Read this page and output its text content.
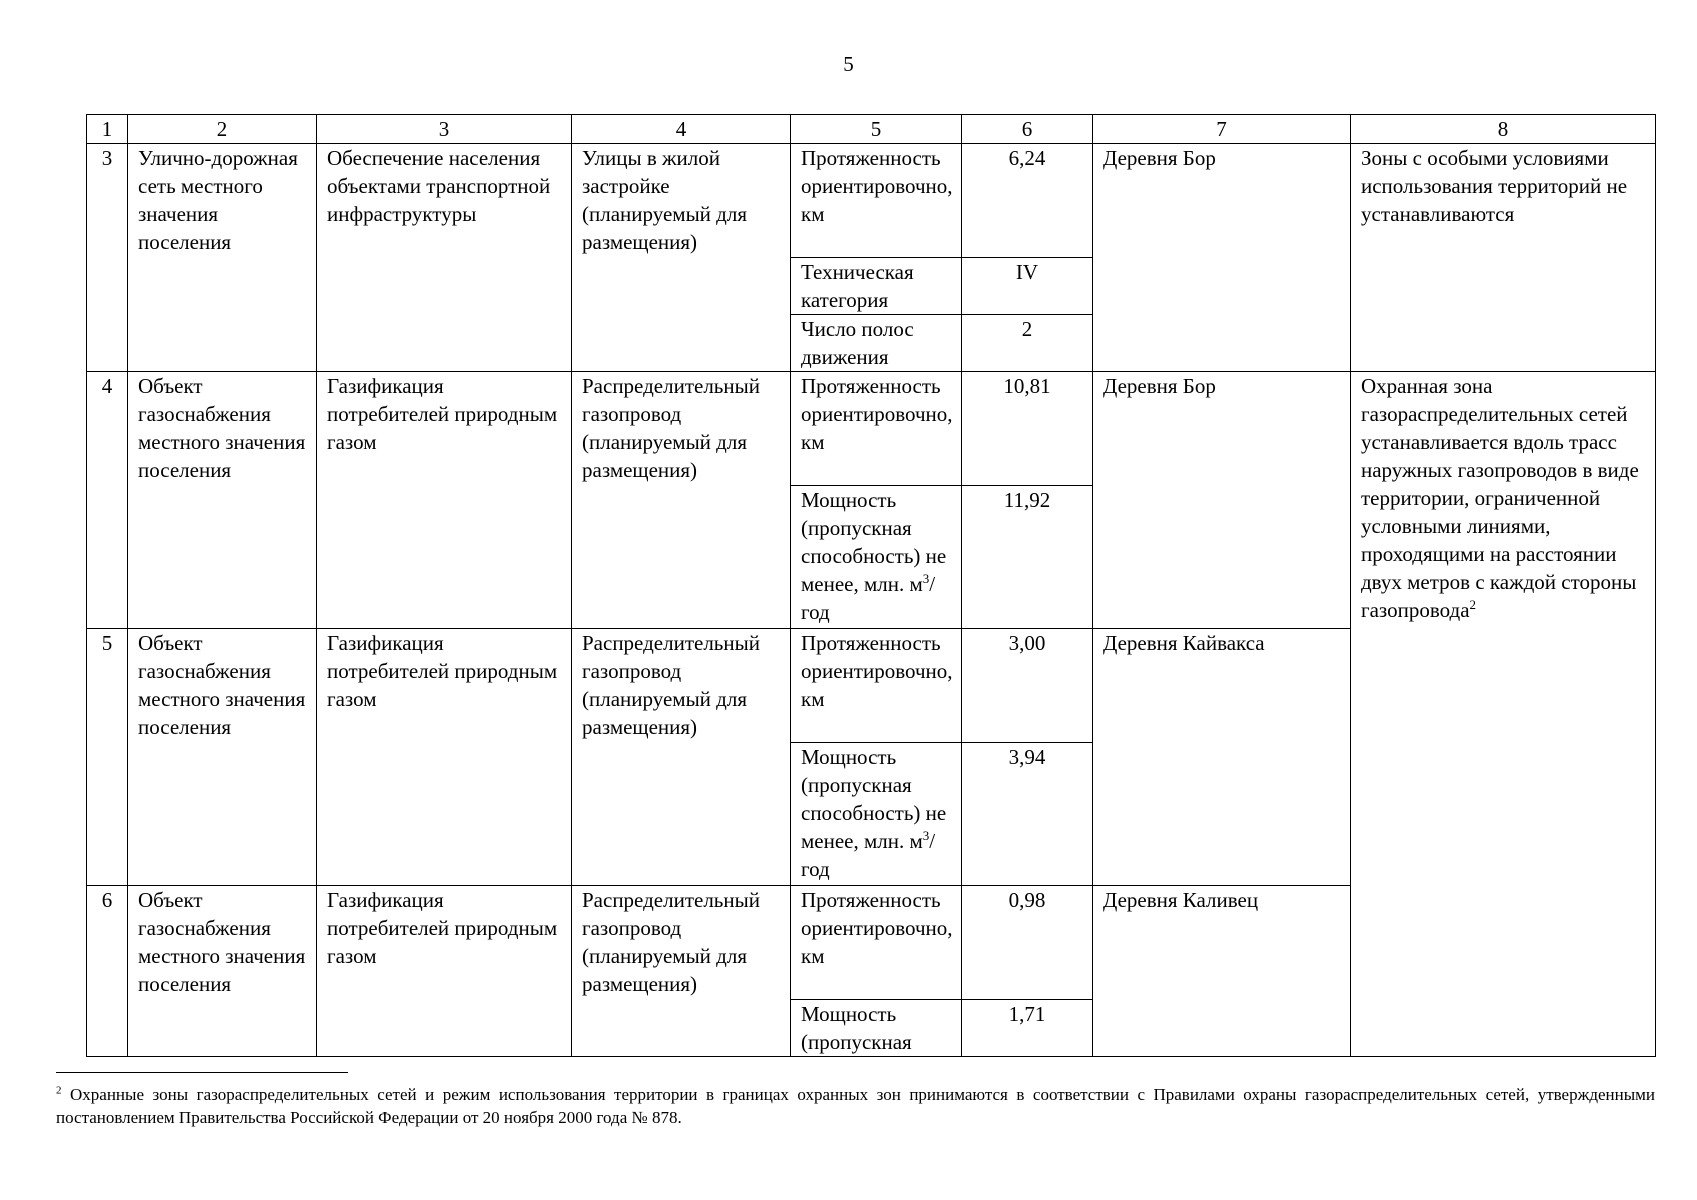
5
1	2	3	4	5	6	7	8
3	Улично-дорожная сеть местного значения поселения	Обеспечение населения объектами транспортной инфраструктуры	Улицы в жилой застройке (планируемый для размещения)	Протяженность ориентировочно, км	6,24	Деревня Бор	Зоны с особыми условиями использования территорий не устанавливаются
				Техническая категория	IV		
				Число полос движения	2		
4	Объект газоснабжения местного значения поселения	Газификация потребителей природным газом	Распределительный газопровод (планируемый для размещения)	Протяженность ориентировочно, км	10,81	Деревня Бор	Охранная зона газораспределительных сетей устанавливается вдоль трасс наружных газопроводов в виде территории, ограниченной условными линиями, проходящими на расстоянии двух метров с каждой стороны газопровода$^2$
				Мощность (пропускная способность) не менее, млн. $м^3$/год	11,92		
5	Объект газоснабжения местного значения поселения	Газификация потребителей природным газом	Распределительный газопровод (планируемый для размещения)	Протяженность ориентировочно, км	3,00	Деревня Кайвакса	
				Мощность (пропускная способность) не менее, млн. $м^3$/год	3,94		
6	Объект газоснабжения местного значения поселения	Газификация потребителей природным газом	Распределительный газопровод (планируемый для размещения)	Протяженность ориентировочно, км	0,98	Деревня Каливец	
				Мощность (пропускная	1,71		
$^2$ Охранные зоны газораспределительных сетей и режим использования территории в границах охранных зон принимаются в соответствии с Правилами охраны газораспределительных сетей, утвержденными постановлением Правительства Российской Федерации от 20 ноября 2000 года № 878.
